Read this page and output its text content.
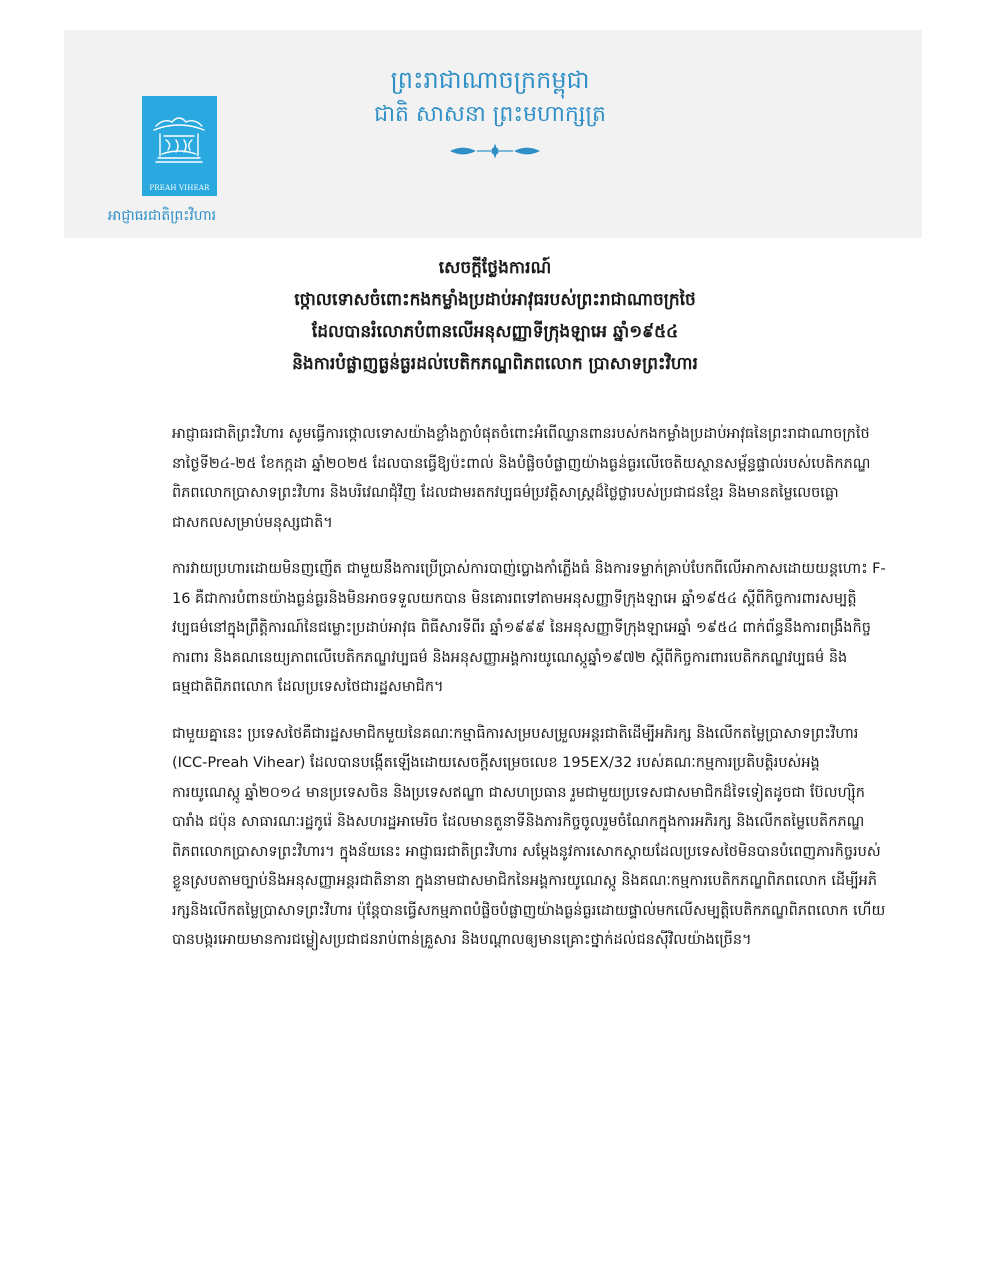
PREAH VIHEAR
អាជ្ញាធរជាតិព្រះវិហារ
ព្រះរាជាណាចក្រកម្ពុជា
ជាតិ សាសនា ព្រះមហាក្សត្រ
សេចក្តីថ្លែងការណ៍
ថ្កោលទោសចំពោះកងកម្លាំងប្រដាប់អាវុធរបស់ព្រះរាជាណាចក្រថៃ
ដែលបានរំលោភបំពានលើអនុសញ្ញាទីក្រុងឡាអេ ឆ្នាំ១៩៥៤
និងការបំផ្លាញធ្ងន់ធ្ងរដល់បេតិកភណ្ឌពិភពលោក ប្រាសាទព្រះវិហារ

អាជ្ញាធរជាតិព្រះវិហារ សូមធ្វើការថ្កោលទោសយ៉ាងខ្លាំងក្លាបំផុតចំពោះអំពើឈ្លានពានរបស់កងកម្លាំងប្រដាប់អាវុធនៃព្រះរាជាណាចក្រថៃ នាថ្ងៃទី២៤-២៥ ខែកក្កដា ឆ្នាំ២០២៥ ដែលបានធ្វើឱ្យប៉ះពាល់ និងបំផ្លិចបំផ្លាញយ៉ាងធ្ងន់ធ្ងរលើចេតិយស្ថានសម្ព័ន្ធផ្ទាល់របស់បេតិកភណ្ឌពិភពលោកប្រាសាទព្រះវិហារ និងបរិវេណជុំវិញ ដែលជាមរតកវប្បធម៌ប្រវត្តិសាស្ត្រដ៏ថ្លៃថ្លារបស់ប្រជាជនខ្មែរ និងមានតម្លៃលេចធ្លោជាសកលសម្រាប់មនុស្សជាតិ។

ការវាយប្រហារដោយមិនញញើត ជាមួយនឹងការប្រើប្រាស់ការបាញ់ប្លោងកាំភ្លើងធំ និងការទម្លាក់គ្រាប់បែកពីលើអាកាសដោយយន្តហោះ F-16 គឺជាការបំពានយ៉ាងធ្ងន់ធ្ងរនិងមិនអាចទទួលយកបាន មិនគោរពទៅតាមអនុសញ្ញាទីក្រុងឡាអេ ឆ្នាំ១៩៥៤ ស្តីពីកិច្ចការពារសម្បត្តិវប្បធម៌នៅក្នុងព្រឹត្តិការណ៍នៃជម្លោះប្រដាប់អាវុធ ពិធីសារទីពីរ ឆ្នាំ១៩៩៩ នៃអនុសញ្ញាទីក្រុងឡាអេឆ្នាំ ១៩៥៤ ពាក់ព័ន្ធនឹងការពង្រឹងកិច្ចការពារ និងគណនេយ្យភាពលើបេតិកភណ្ឌវប្បធម៌ និងអនុសញ្ញាអង្គការយូណេស្កូឆ្នាំ១៩៧២ ស្តីពីកិច្ចការពារបេតិកភណ្ឌវប្បធម៌ និងធម្មជាតិពិភពលោក ដែលប្រទេសថៃជារដ្ឋសមាជិក។

ជាមួយគ្នានេះ ប្រទេសថៃគឺជារដ្ឋសមាជិកមួយនៃគណៈកម្មាធិការសម្របសម្រួលអន្តរជាតិដើម្បីអភិរក្ស និងលើកតម្លៃប្រាសាទព្រះវិហារ (ICC-Preah Vihear) ដែលបានបង្កើតឡើងដោយសេចក្តីសម្រេចលេខ 195EX/32 របស់គណៈកម្មការប្រតិបត្តិរបស់អង្គការយូណេស្កូ ឆ្នាំ២០១៤ មានប្រទេសចិន និងប្រទេសឥណ្ឌា ជាសហប្រធាន រួមជាមួយប្រទេសជាសមាជិកដ៏ទៃទៀតដូចជា ប៊ែលហ្ស៊ិក បារាំង ជប៉ុន សាធារណៈរដ្ឋកូរ៉េ និងសហរដ្ឋអាមេរិច ដែលមានតួនាទីនិងភារកិច្ចចូលរួមចំណែកក្នុងការអភិរក្ស និងលើកតម្លៃបេតិកភណ្ឌពិភពលោកប្រាសាទព្រះវិហារ។ ក្នុងន័យនេះ អាជ្ញាធរជាតិព្រះវិហារ សម្តែងនូវការសោកស្តាយដែលប្រទេសថៃមិនបានបំពេញភារកិច្ចរបស់ខ្លួនស្របតាមច្បាប់និងអនុសញ្ញាអន្តរជាតិនានា ក្នុងនាមជាសមាជិកនៃអង្គការយូណេស្កូ និងគណៈកម្មការបេតិកភណ្ឌពិភពលោក ដើម្បីអភិរក្សនិងលើកតម្លៃប្រាសាទព្រះវិហារ ប៉ុន្តែបានធ្វើសកម្មភាពបំផ្លិចបំផ្លាញយ៉ាងធ្ងន់ធ្ងរដោយផ្ទាល់មកលើសម្បត្តិបេតិកភណ្ឌពិភពលោក ហើយបានបង្ករអោយមានការជម្លៀសប្រជាជនរាប់ពាន់គ្រួសារ និងបណ្តាលឲ្យមានគ្រោះថ្នាក់ដល់ជនស៊ីវិលយ៉ាងច្រើន។
